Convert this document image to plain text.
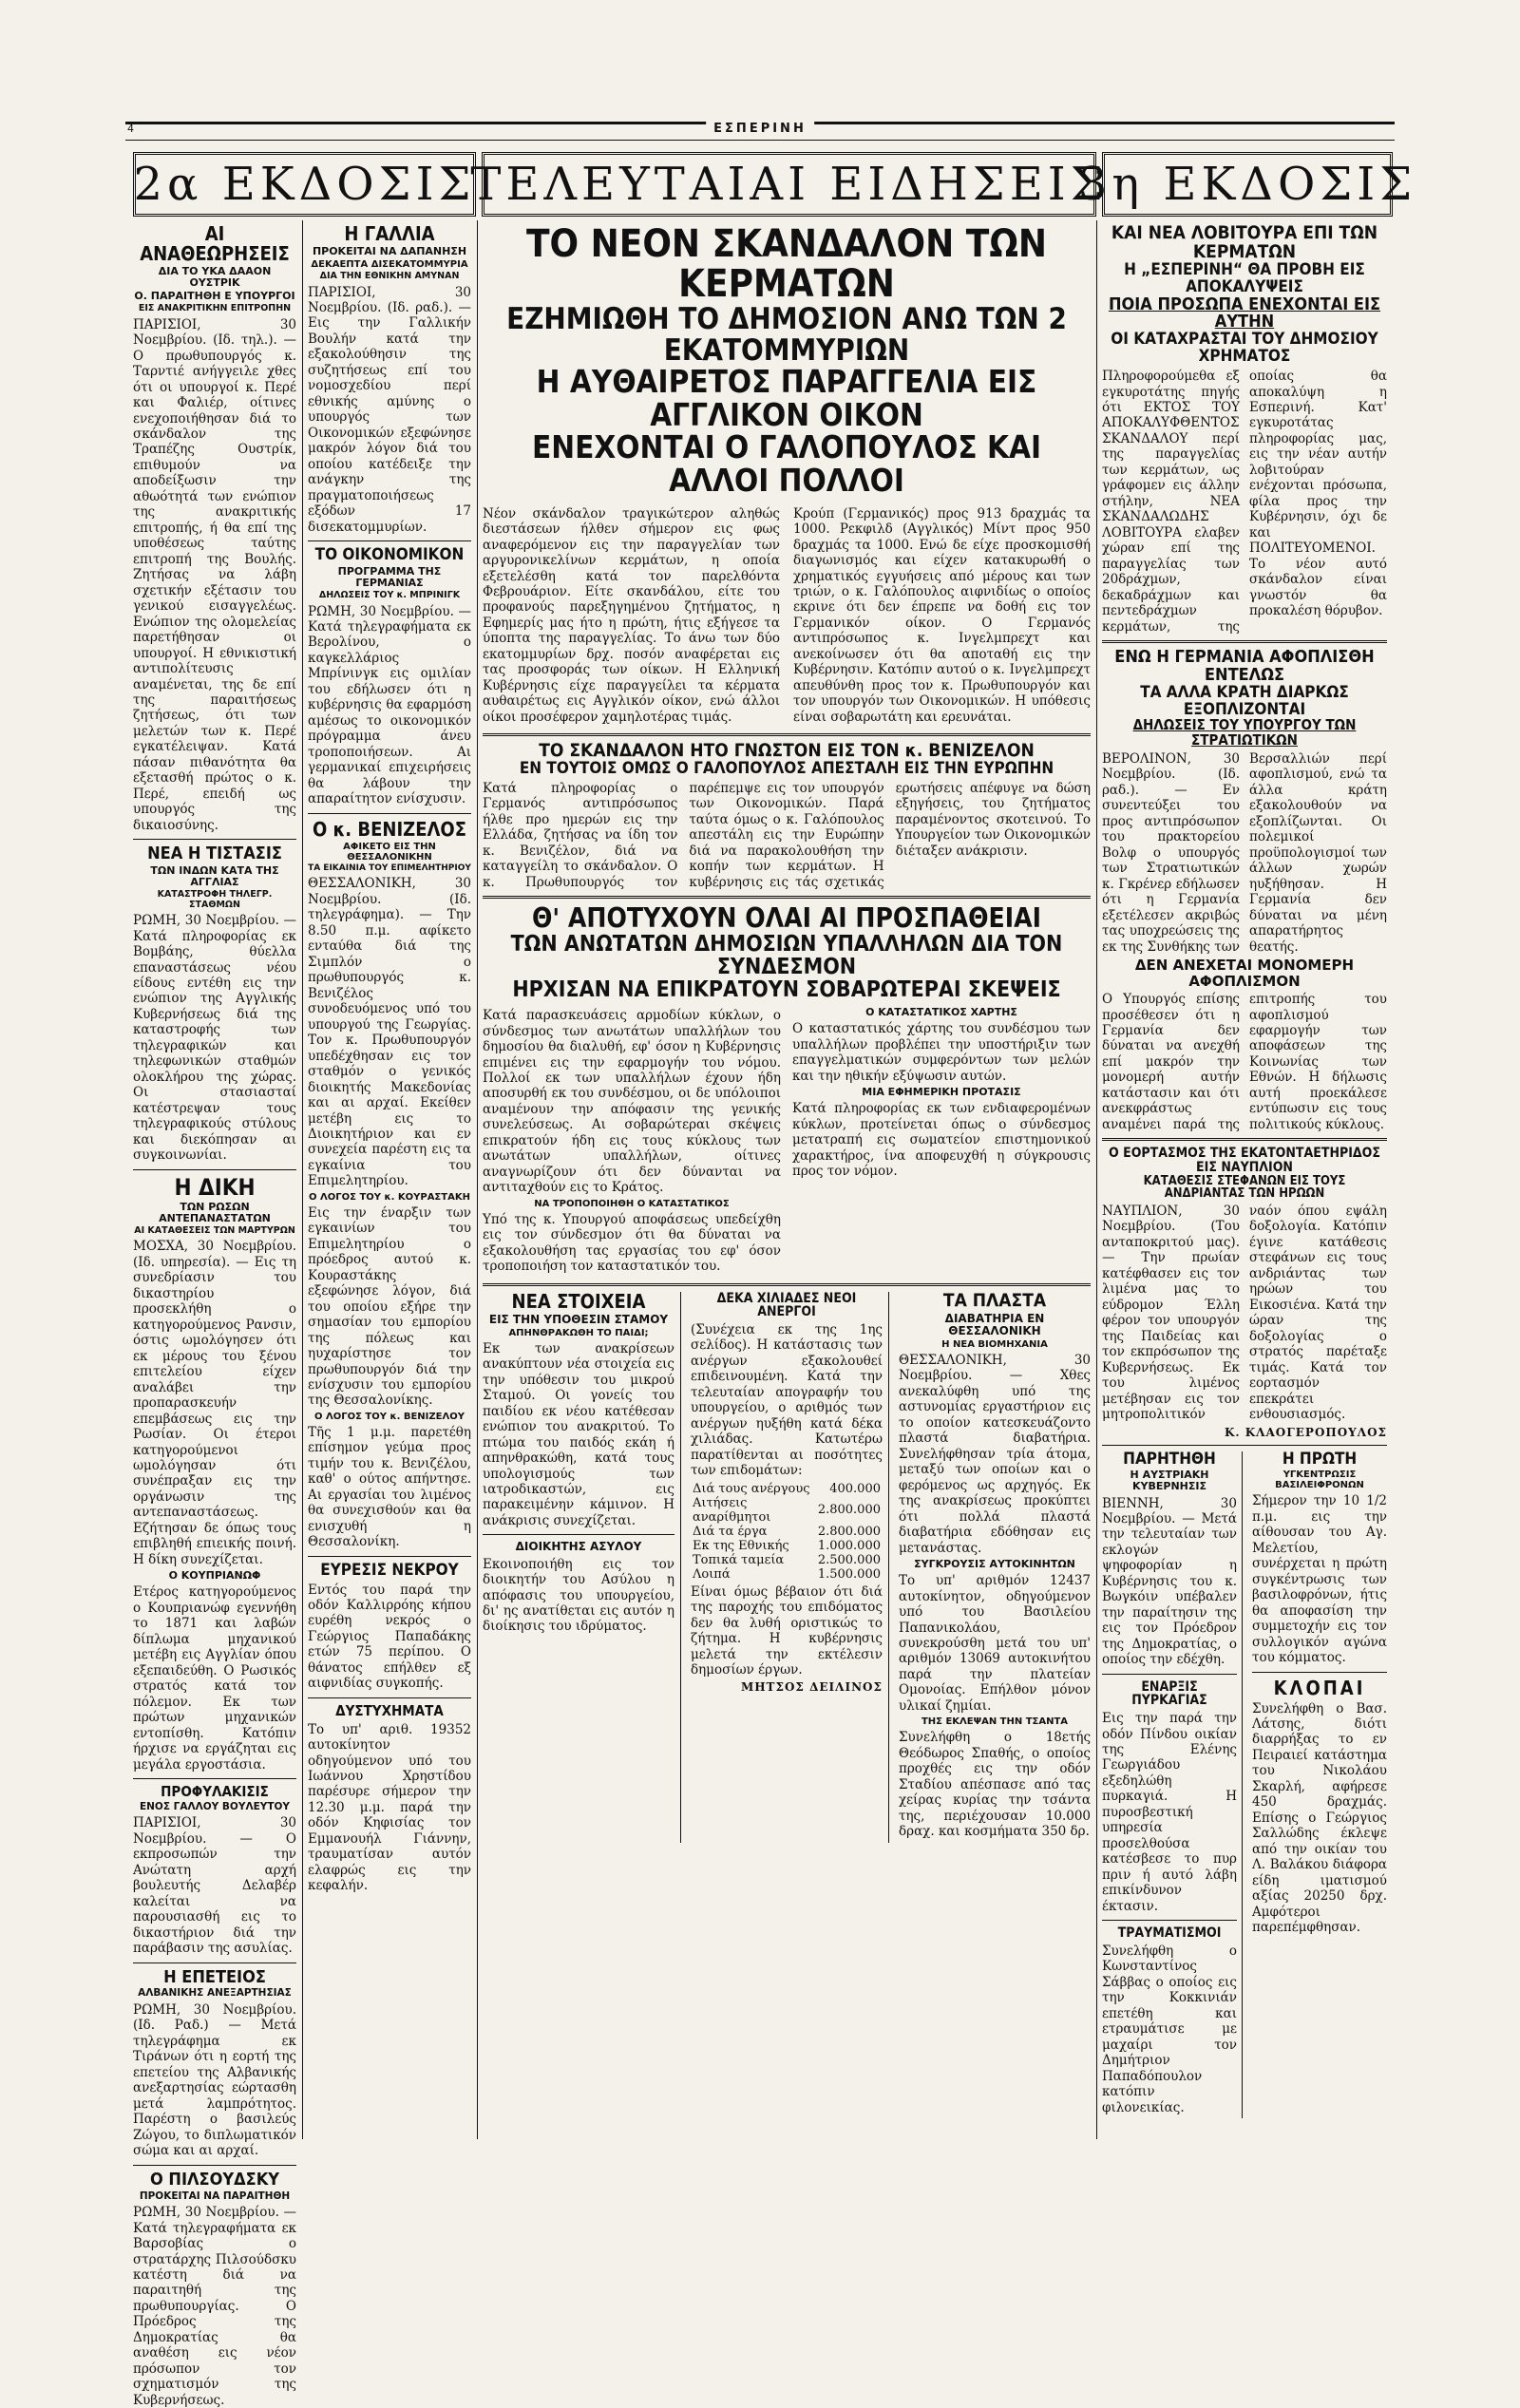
4	ΕΣΠΕΡΙΝΗ
2α ΕΚΔΟΣΙΣ
ΤΕΛΕΥΤΑΙΑΙ ΕΙΔΗΣΕΙΣ
3η ΕΚΔΟΣΙΣ
ΑΙ ΑΝΑΘΕΩΡΗΣΕΙΣ
ΔΙΑ ΤΟ ΥΚΑ ΔΑΑΟΝ ΟΥΣΤΡΙΚ
Ο. ΠΑΡΑΙΤΗΘΗ Ε ΥΠΟΥΡΓΟΙ
ΕΙΣ ΑΝΑΚΡΙΤΙΚΗΝ ΕΠΙΤΡΟΠΗΝ

ΠΑΡΙΣΙΟΙ, 30 Νοεμβρίου. (Ιδ. τηλ.). — Ο πρωθυπουργός κ. Ταρντιέ ανήγγειλε χθες ότι οι υπουργοί κ. Περέ και Φαλιέρ, οίτινες ενεχοποιήθησαν διά το σκάνδαλον της Τραπέζης Ουστρίκ, επιθυμούν να αποδείξωσιν την αθωότητά των ενώπιον της ανακριτικής επιτροπής, ή θα επί της υποθέσεως ταύτης επιτροπή της Βουλής. Ζητήσας να λάβη σχετικήν εξέτασιν του γενικού εισαγγελέως. Ενώπιον της ολομελείας παρετήθησαν οι υπουργοί. Η εθνικιστική αντιπολίτευσις αναμένεται, της δε επί της παραιτήσεως ζητήσεως, ότι των μελετών των κ. Περέ εγκατέλειψαν. Κατά πάσαν πιθανότητα θα εξετασθή πρώτος ο κ. Περέ, επειδή ως υπουργός της δικαιοσύνης.

ΝΕΑ Η ΤΙΣΤΑΣΙΣ
ΤΩΝ ΙΝΔΩΝ ΚΑΤΑ ΤΗΣ ΑΓΓΛΙΑΣ
ΚΑΤΑΣΤΡΟΦΗ ΤΗΛΕΓΡ. ΣΤΑΘΜΩΝ

ΡΩΜΗ, 30 Νοεμβρίου. — Κατά πληροφορίας εκ Βομβάης, θύελλα επαναστάσεως νέου είδους εντέθη εις την ενώπιον της Αγγλικής Κυβερνήσεως διά της καταστροφής των τηλεγραφικών και τηλεφωνικών σταθμών ολοκλήρου της χώρας. Οι στασιασταί κατέστρεψαν τους τηλεγραφικούς στύλους και διεκόπησαν αι συγκοινωνίαι.

Η ΔΙΚΗ
ΤΩΝ ΡΩΣΩΝ ΑΝΤΕΠΑΝΑΣΤΑΤΩΝ
ΑΙ ΚΑΤΑΘΕΣΕΙΣ ΤΩΝ ΜΑΡΤΥΡΩΝ

ΜΟΣΧΑ, 30 Νοεμβρίου. (Ιδ. υπηρεσία). — Εις τη συνεδρίασιν του δικαστηρίου προσεκλήθη ο κατηγορούμενος Ρανσιν, όστις ωμολόγησεν ότι εκ μέρους του ξένου επιτελείου είχεν αναλάβει την προπαρασκευήν επεμβάσεως εις την Ρωσίαν. Οι έτεροι κατηγορούμενοι ωμολόγησαν ότι συνέπραξαν εις την οργάνωσιν της αντεπαναστάσεως. Εζήτησαν δε όπως τους επιβληθή επιεικής ποινή. Η δίκη συνεχίζεται.

Ο ΚΟΥΠΡΙΑΝΩΦ

Ετέρος κατηγορούμενος ο Κουπριανώφ εγεννήθη το 1871 και λαβών δίπλωμα μηχανικού μετέβη εις Αγγλίαν όπου εξεπαιδεύθη. Ο Ρωσικός στρατός κατά τον πόλεμον. Εκ των πρώτων μηχανικών εντοπίσθη. Κατόπιν ήρχισε να εργάζηται εις μεγάλα εργοστάσια.

ΠΡΟΦΥΛΑΚΙΣΙΣ
ΕΝΟΣ ΓΑΛΛΟΥ ΒΟΥΛΕΥΤΟΥ

ΠΑΡΙΣΙΟΙ, 30 Νοεμβρίου. — Ο εκπροσωπών την Ανώτατη αρχή βουλευτής Δελαβέρ καλείται να παρουσιασθή εις το δικαστήριον διά την παράβασιν της ασυλίας.

Η ΕΠΕΤΕΙΟΣ
ΑΛΒΑΝΙΚΗΣ ΑΝΕΞΑΡΤΗΣΙΑΣ

ΡΩΜΗ, 30 Νοεμβρίου. (Ιδ. Ραδ.) — Μετά τηλεγράφημα εκ Τιράνων ότι η εορτή της επετείου της Αλβανικής ανεξαρτησίας εώρτασθη μετά λαμπρότητος. Παρέστη ο βασιλεύς Ζώγου, το διπλωματικόν σώμα και αι αρχαί.

Ο ΠΙΛΣΟΥΔΣΚΥ
ΠΡΟΚΕΙΤΑΙ ΝΑ ΠΑΡΑΙΤΗΘΗ

ΡΩΜΗ, 30 Νοεμβρίου. — Κατά τηλεγραφήματα εκ Βαρσοβίας ο στρατάρχης Πιλσούδσκυ κατέστη διά να παραιτηθή της πρωθυπουργίας. Ο Πρόεδρος της Δημοκρατίας θα αναθέση εις νέον πρόσωπον τον σχηματισμόν της Κυβερνήσεως.

Η ΓΑΛΛΙΑ
ΠΡΟΚΕΙΤΑΙ ΝΑ ΔΑΠΑΝΗΣΗ
ΔΕΚΑΕΠΤΑ ΔΙΣΕΚΑΤΟΜΜΥΡΙΑ
ΔΙΑ ΤΗΝ ΕΘΝΙΚΗΝ ΑΜΥΝΑΝ

ΠΑΡΙΣΙΟΙ, 30 Νοεμβρίου. (Ιδ. ραδ.). — Εις την Γαλλικήν Βουλήν κατά την εξακολούθησιν της συζητήσεως επί του νομοσχεδίου περί εθνικής αμύνης ο υπουργός των Οικονομικών εξεφώνησε μακρόν λόγον διά του οποίου κατέδειξε την ανάγκην της πραγματοποιήσεως εξόδων 17 δισεκατομμυρίων.

ΤΟ ΟΙΚΟΝΟΜΙΚΟΝ
ΠΡΟΓΡΑΜΜΑ ΤΗΣ ΓΕΡΜΑΝΙΑΣ
ΔΗΛΩΣΕΙΣ ΤΟΥ κ. ΜΠΡΙΝΙΓΚ

ΡΩΜΗ, 30 Νοεμβρίου. — Κατά τηλεγραφήματα εκ Βερολίνου, ο καγκελλάριος Μπρίνινγκ εις ομιλίαν του εδήλωσεν ότι η κυβέρνησις θα εφαρμόση αμέσως το οικονομικόν πρόγραμμα άνευ τροποποιήσεων. Αι γερμανικαί επιχειρήσεις θα λάβουν την απαραίτητον ενίσχυσιν.

Ο κ. ΒΕΝΙΖΕΛΟΣ
ΑΦΙΚΕΤΟ ΕΙΣ ΤΗΝ ΘΕΣΣΑΛΟΝΙΚΗΝ
ΤΑ ΕΙΚΑΙΝΙΑ ΤΟΥ ΕΠΙΜΕΛΗΤΗΡΙΟΥ

ΘΕΣΣΑΛΟΝΙΚΗ, 30 Νοεμβρίου. (Ιδ. τηλεγράφημα). — Την 8.50 π.μ. αφίκετο ενταύθα διά της Σιμπλόν ο πρωθυπουργός κ. Βενιζέλος συνοδευόμενος υπό του υπουργού της Γεωργίας. Τον κ. Πρωθυπουργόν υπεδέχθησαν εις τον σταθμόν ο γενικός διοικητής Μακεδονίας και αι αρχαί. Εκείθεν μετέβη εις το Διοικητήριον και εν συνεχεία παρέστη εις τα εγκαίνια του Επιμελητηρίου.

Ο ΛΟΓΟΣ ΤΟΥ κ. ΚΟΥΡΑΣΤΑΚΗ

Εις την έναρξιν των εγκαινίων του Επιμελητηρίου ο πρόεδρος αυτού κ. Κουραστάκης εξεφώνησε λόγον, διά του οποίου εξήρε την σημασίαν του εμπορίου της πόλεως και ηυχαρίστησε τον πρωθυπουργόν διά την ενίσχυσιν του εμπορίου της Θεσσαλονίκης.

Ο ΛΟΓΟΣ ΤΟΥ κ. ΒΕΝΙΖΕΛΟΥ

Τῆς 1 μ.μ. παρετέθη επίσημον γεύμα προς τιμήν του κ. Βενιζέλου, καθ' ο ούτος απήντησε. Αι εργασίαι του λιμένος θα συνεχισθούν και θα ενισχυθή η Θεσσαλονίκη.

ΕΥΡΕΣΙΣ ΝΕΚΡΟΥ

Εντός του παρά την οδόν Καλλιρρόης κήπου ευρέθη νεκρός ο Γεώργιος Παπαδάκης ετών 75 περίπου. Ο θάνατος επήλθεν εξ αιφνιδίας συγκοπής.

ΔΥΣΤΥΧΗΜΑΤΑ

Το υπ' αριθ. 19352 αυτοκίνητον οδηγούμενον υπό του Ιωάννου Χρηστίδου παρέσυρε σήμερον την 12.30 μ.μ. παρά την οδόν Κηφισίας τον Εμμανουήλ Γιάννην, τραυματίσαν αυτόν ελαφρώς εις την κεφαλήν.

ΤΟ ΝΕΟΝ ΣΚΑΝΔΑΛΟΝ ΤΩΝ ΚΕΡΜΑΤΩΝ
ΕΖΗΜΙΩΘΗ ΤΟ ΔΗΜΟΣΙΟΝ ΑΝΩ ΤΩΝ 2 ΕΚΑΤΟΜΜΥΡΙΩΝ
Η ΑΥΘΑΙΡΕΤΟΣ ΠΑΡΑΓΓΕΛΙΑ ΕΙΣ ΑΓΓΛΙΚΟΝ ΟΙΚΟΝ
ΕΝΕΧΟΝΤΑΙ Ο ΓΑΛΟΠΟΥΛΟΣ ΚΑΙ ΑΛΛΟΙ ΠΟΛΛΟΙ

Νέον σκάνδαλον τραγικώτερον αληθώς διεστάσεων ήλθεν σήμερον εις φως αναφερόμενον εις την παραγγελίαν των αργυρονικελίνων κερμάτων, η οποία εξετελέσθη κατά τον παρελθόντα Φεβρουάριον. Είτε σκανδάλου, είτε του προφανούς παρεξηγημένου ζητήματος, η Εφημερίς μας ήτο η πρώτη, ήτις εξήγεσε τα ύποπτα της παραγγελίας. Το άνω των δύο εκατομμυρίων δρχ. ποσόν αναφέρεται εις τας προσφοράς των οίκων. Η Ελληνική Κυβέρνησις είχε παραγγείλει τα κέρματα αυθαιρέτως εις Αγγλικόν οίκον, ενώ άλλοι οίκοι προσέφερον χαμηλοτέρας τιμάς.

Κρούπ (Γερμανικός) προς 913 δραχμάς τα 1000. Ρεκφιλδ (Αγγλικός) Μίντ προς 950 δραχμάς τα 1000. Ενώ δε είχε προσκομισθή διαγωνισμός και είχεν κατακυρωθή ο χρηματικός εγγυήσεις από μέρους και των τριών, ο κ. Γαλόπουλος αιφνιδίως ο οποίος εκρινε ότι δεν έπρεπε να δοθή εις τον Γερμανικόν οίκον. Ο Γερμανός αντιπρόσωπος κ. Ινγελμπρεχτ και ανεκοίνωσεν ότι θα αποταθή εις την Κυβέρνησιν. Κατόπιν αυτού ο κ. Ινγελμπρεχτ απευθύνθη προς τον κ. Πρωθυπουργόν και τον υπουργόν των Οικονομικών. Η υπόθεσις είναι σοβαρωτάτη και ερευνάται.

ΤΟ ΣΚΑΝΔΑΛΟΝ ΗΤΟ ΓΝΩΣΤΟΝ ΕΙΣ ΤΟΝ κ. ΒΕΝΙΖΕΛΟΝ
ΕΝ ΤΟΥΤΟΙΣ ΟΜΩΣ Ο ΓΑΛΟΠΟΥΛΟΣ ΑΠΕΣΤΑΛΗ ΕΙΣ ΤΗΝ ΕΥΡΩΠΗΝ

Κατά πληροφορίας ο Γερμανός αντιπρόσωπος ήλθε προ ημερών εις την Ελλάδα, ζητήσας να ίδη τον κ. Βενιζέλον, διά να καταγγείλη το σκάνδαλον. Ο κ. Πρωθυπουργός τον παρέπεμψε εις τον υπουργόν των Οικονομικών. Παρά ταύτα όμως ο κ. Γαλόπουλος απεστάλη εις την Ευρώπην διά να παρακολουθήση την κοπήν των κερμάτων. Η κυβέρνησις εις τάς σχετικάς ερωτήσεις απέφυγε να δώση εξηγήσεις, του ζητήματος παραμένοντος σκοτεινού. Το Υπουργείον των Οικονομικών διέταξεν ανάκρισιν.

Θ' ΑΠΟΤΥΧΟΥΝ ΟΛΑΙ ΑΙ ΠΡΟΣΠΑΘΕΙΑΙ
ΤΩΝ ΑΝΩΤΑΤΩΝ ΔΗΜΟΣΙΩΝ ΥΠΑΛΛΗΛΩΝ ΔΙΑ ΤΟΝ ΣΥΝΔΕΣΜΟΝ
ΗΡΧΙΣΑΝ ΝΑ ΕΠΙΚΡΑΤΟΥΝ ΣΟΒΑΡΩΤΕΡΑΙ ΣΚΕΨΕΙΣ

Κατά παρασκευάσεις αρμοδίων κύκλων, ο σύνδεσμος των ανωτάτων υπαλλήλων του δημοσίου θα διαλυθή, εφ' όσον η Κυβέρνησις επιμένει εις την εφαρμογήν του νόμου. Πολλοί εκ των υπαλλήλων έχουν ήδη αποσυρθή εκ του συνδέσμου, οι δε υπόλοιποι αναμένουν την απόφασιν της γενικής συνελεύσεως. Αι σοβαρώτεραι σκέψεις επικρατούν ήδη εις τους κύκλους των ανωτάτων υπαλλήλων, οίτινες αναγνωρίζουν ότι δεν δύνανται να αντιταχθούν εις το Κράτος.

ΝΑ ΤΡΟΠΟΠΟΙΗΘΗ Ο ΚΑΤΑΣΤΑΤΙΚΟΣ

Υπό της κ. Υπουργού αποφάσεως υπεδείχθη εις τον σύνδεσμον ότι θα δύναται να εξακολουθήση τας εργασίας του εφ' όσον τροποποιήση τον καταστατικόν του.

Ο ΚΑΤΑΣΤΑΤΙΚΟΣ ΧΑΡΤΗΣ

Ο καταστατικός χάρτης του συνδέσμου των υπαλλήλων προβλέπει την υποστήριξιν των επαγγελματικών συμφερόντων των μελών και την ηθικήν εξύψωσιν αυτών.

ΜΙΑ ΕΦΗΜΕΡΙΚΗ ΠΡΟΤΑΣΙΣ

Κατά πληροφορίας εκ των ενδιαφερομένων κύκλων, προτείνεται όπως ο σύνδεσμος μετατραπή εις σωματείον επιστημονικού χαρακτήρος, ίνα αποφευχθή η σύγκρουσις προς τον νόμον.

ΝΕΑ ΣΤΟΙΧΕΙΑ
ΕΙΣ ΤΗΝ ΥΠΟΘΕΣΙΝ ΣΤΑΜΟΥ
ΑΠΗΝΘΡΑΚΩΘΗ ΤΟ ΠΑΙΔΙ;

Εκ των ανακρίσεων ανακύπτουν νέα στοιχεία εις την υπόθεσιν του μικρού Σταμού. Οι γονείς του παιδίου εκ νέου κατέθεσαν ενώπιον του ανακριτού. Το πτώμα του παιδός εκάη ή απηνθρακώθη, κατά τους υπολογισμούς των ιατροδικαστών, εις παρακειμένην κάμινον. Η ανάκρισις συνεχίζεται.

ΔΙΟΙΚΗΤΗΣ ΑΣΥΛΟΥ

Εκοινοποιήθη εις τον διοικητήν του Ασύλου η απόφασις του υπουργείου, δι' ης ανατίθεται εις αυτόν η διοίκησις του ιδρύματος.

ΔΕΚΑ ΧΙΛΙΑΔΕΣ ΝΕΟΙ ΑΝΕΡΓΟΙ

(Συνέχεια εκ της 1ης σελίδος). Η κατάστασις των ανέργων εξακολουθεί επιδεινουμένη. Κατά την τελευταίαν απογραφήν του υπουργείου, ο αριθμός των ανέργων ηυξήθη κατά δέκα χιλιάδας. Κατωτέρω παρατίθενται αι ποσότητες των επιδομάτων:

Διά τους ανέργους	400.000
Αιτήσεις αναρίθμητοι	2.800.000
Διά τα έργα	2.800.000
Εκ της Εθνικής	1.000.000
Τοπικά ταμεία	2.500.000
Λοιπά	1.500.000

Είναι όμως βέβαιον ότι διά της παροχής του επιδόματος δεν θα λυθή οριστικώς το ζήτημα. Η κυβέρνησις μελετά την εκτέλεσιν δημοσίων έργων.

ΜΗΤΣΟΣ ΔΕΙΛΙΝΟΣ
ΤΑ ΠΛΑΣΤΑ
ΔΙΑΒΑΤΗΡΙΑ ΕΝ ΘΕΣΣΑΛΟΝΙΚΗ
Η ΝΕΑ ΒΙΟΜΗΧΑΝΙΑ

ΘΕΣΣΑΛΟΝΙΚΗ, 30 Νοεμβρίου. — Χθες ανεκαλύφθη υπό της αστυνομίας εργαστήριον εις το οποίον κατεσκευάζοντο πλαστά διαβατήρια. Συνελήφθησαν τρία άτομα, μεταξύ των οποίων και ο φερόμενος ως αρχηγός. Εκ της ανακρίσεως προκύπτει ότι πολλά πλαστά διαβατήρια εδόθησαν εις μετανάστας.

ΣΥΓΚΡΟΥΣΙΣ ΑΥΤΟΚΙΝΗΤΩΝ

Το υπ' αριθμόν 12437 αυτοκίνητον, οδηγούμενον υπό του Βασιλείου Παπανικολάου, συνεκρούσθη μετά του υπ' αριθμόν 13069 αυτοκινήτου παρά την πλατείαν Ομονοίας. Επήλθον μόνον υλικαί ζημίαι.

ΤΗΣ ΕΚΛΕΨΑΝ ΤΗΝ ΤΣΑΝΤΑ

Συνελήφθη ο 18ετής Θεόδωρος Σπαθής, ο οποίος προχθές εις την οδόν Σταδίου απέσπασε από τας χείρας κυρίας την τσάντα της, περιέχουσαν 10.000 δραχ. και κοσμήματα 350 δρ.

ΚΑΙ ΝΕΑ ΛΟΒΙΤΟΥΡΑ ΕΠΙ ΤΩΝ ΚΕΡΜΑΤΩΝ
Η „ΕΣΠΕΡΙΝΗ“ ΘΑ ΠΡΟΒΗ ΕΙΣ ΑΠΟΚΑΛΥΨΕΙΣ
ΠΟΙΑ ΠΡΟΣΩΠΑ ΕΝΕΧΟΝΤΑΙ ΕΙΣ ΑΥΤΗΝ
ΟΙ ΚΑΤΑΧΡΑΣΤΑΙ ΤΟΥ ΔΗΜΟΣΙΟΥ ΧΡΗΜΑΤΟΣ

Πληροφορούμεθα εξ εγκυροτάτης πηγής ότι ΕΚΤΟΣ ΤΟΥ ΑΠΟΚΑΛΥΦΘΕΝΤΟΣ ΣΚΑΝΔΑΛΟΥ περί της παραγγελίας των κερμάτων, ως γράφομεν εις άλλην στήλην, ΝΕΑ ΣΚΑΝΔΑΛΩΔΗΣ ΛΟΒΙΤΟΥΡΑ ελαβεν χώραν επί της παραγγελίας των 20δράχμων, δεκαδράχμων και πεντεδράχμων κερμάτων, της οποίας θα αποκαλύψη η Εσπερινή. Κατ' εγκυροτάτας πληροφορίας μας, εις την νέαν αυτήν λοβιτούραν ενέχονται πρόσωπα, φίλα προς την Κυβέρνησιν, όχι δε και ΠΟΛΙΤΕΥΟΜΕΝΟΙ. Το νέον αυτό σκάνδαλον είναι γνωστόν θα προκαλέση θόρυβον.

ΕΝΩ Η ΓΕΡΜΑΝΙΑ ΑΦΟΠΛΙΣΘΗ ΕΝΤΕΛΩΣ
ΤΑ ΑΛΛΑ ΚΡΑΤΗ ΔΙΑΡΚΩΣ ΕΞΟΠΛΙΖΟΝΤΑΙ
ΔΗΛΩΣΕΙΣ ΤΟΥ ΥΠΟΥΡΓΟΥ ΤΩΝ ΣΤΡΑΤΙΩΤΙΚΩΝ

ΒΕΡΟΛΙΝΟΝ, 30 Νοεμβρίου. (Ιδ. ραδ.). — Εν συνεντεύξει του προς αντιπρόσωπον του πρακτορείου Βολφ ο υπουργός των Στρατιωτικών κ. Γκρένερ εδήλωσεν ότι η Γερμανία εξετέλεσεν ακριβώς τας υποχρεώσεις της εκ της Συνθήκης των Βερσαλλιών περί αφοπλισμού, ενώ τα άλλα κράτη εξακολουθούν να εξοπλίζωνται. Οι πολεμικοί προϋπολογισμοί των άλλων χωρών ηυξήθησαν. Η Γερμανία δεν δύναται να μένη απαρατήρητος θεατής.

ΔΕΝ ΑΝΕΧΕΤΑΙ ΜΟΝΟΜΕΡΗ ΑΦΟΠΛΙΣΜΟΝ

Ο Υπουργός επίσης προσέθεσεν ότι η Γερμανία δεν δύναται να ανεχθή επί μακρόν την μονομερή αυτήν κατάστασιν και ότι ανεκφράστως αναμένει παρά της επιτροπής του αφοπλισμού εφαρμογήν των αποφάσεων της Κοινωνίας των Εθνών. Η δήλωσις αυτή προεκάλεσε εντύπωσιν εις τους πολιτικούς κύκλους.

Ο ΕΟΡΤΑΣΜΟΣ ΤΗΣ ΕΚΑΤΟΝΤΑΕΤΗΡΙΔΟΣ ΕΙΣ ΝΑΥΠΛΙΟΝ
ΚΑΤΑΘΕΣΙΣ ΣΤΕΦΑΝΩΝ ΕΙΣ ΤΟΥΣ ΑΝΔΡΙΑΝΤΑΣ ΤΩΝ ΗΡΩΩΝ

ΝΑΥΠΛΙΟΝ, 30 Νοεμβρίου. (Του ανταποκριτού μας). — Την πρωίαν κατέφθασεν εις τον λιμένα μας το εύδρομον Έλλη φέρον τον υπουργόν της Παιδείας και τον εκπρόσωπον της Κυβερνήσεως. Εκ του λιμένος μετέβησαν εις τον μητροπολιτικόν ναόν όπου εψάλη δοξολογία. Κατόπιν έγινε κατάθεσις στεφάνων εις τους ανδριάντας των ηρώων του Εικοσιένα. Κατά την ώραν της δοξολογίας ο στρατός παρέταξε τιμάς. Κατά τον εορτασμόν επεκράτει ενθουσιασμός.

Κ. ΚΛΑΟΓΕΡΟΠΟΥΛΟΣ
ΠΑΡΗΤΗΘΗ
Η ΑΥΣΤΡΙΑΚΗ ΚΥΒΕΡΝΗΣΙΣ

ΒΙΕΝΝΗ, 30 Νοεμβρίου. — Μετά την τελευταίαν των εκλογών ψηφοφορίαν η Κυβέρνησις του κ. Βωγκόιν υπέβαλεν την παραίτησιν της εις τον Πρόεδρον της Δημοκρατίας, ο οποίος την εδέχθη.

ΕΝΑΡΞΙΣ ΠΥΡΚΑΓΙΑΣ

Εις την παρά την οδόν Πίνδου οικίαν της Ελένης Γεωργιάδου εξεδηλώθη πυρκαγιά. Η πυροσβεστική υπηρεσία προσελθούσα κατέσβεσε το πυρ πριν ή αυτό λάβη επικίνδυνον έκτασιν.

ΤΡΑΥΜΑΤΙΣΜΟΙ

Συνελήφθη ο Κωνσταντίνος Σάββας ο οποίος εις την Κοκκινιάν επετέθη και ετραυμάτισε με μαχαίρι τον Δημήτριον Παπαδόπουλον κατόπιν φιλονεικίας.

Η ΠΡΩΤΗ
ΥΓΚΕΝΤΡΩΣΙΣ ΒΑΣΙΛΕΙΦΡΟΝΩΝ

Σήμερον την 10 1/2 π.μ. εις την αίθουσαν του Αγ. Μελετίου, συνέρχεται η πρώτη συγκέντρωσις των βασιλοφρόνων, ήτις θα αποφασίση την συμμετοχήν εις τον συλλογικόν αγώνα του κόμματος.

ΚΛΟΠΑΙ

Συνελήφθη ο Βασ. Λάτσης, διότι διαρρήξας το εν Πειραιεί κατάστημα του Νικολάου Σκαρλή, αφήρεσε 450 δραχμάς. Επίσης ο Γεώργιος Σαλλώδης έκλεψε από την οικίαν του Λ. Βαλάκου διάφορα είδη ιματισμού αξίας 20250 δρχ. Αμφότεροι παρεπέμφθησαν.
